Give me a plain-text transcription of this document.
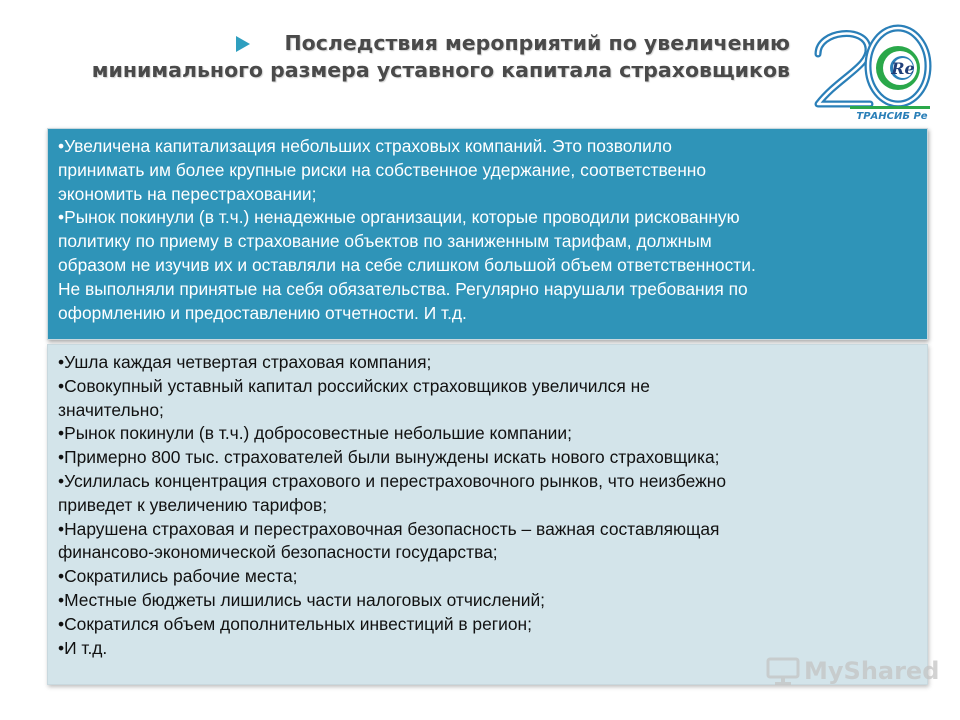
Последствия мероприятий по увеличению
минимального размера уставного капитала страховщиков	Re
ТРАНСИБ Ре

•Увеличена капитализация небольших страховых компаний. Это позволило
принимать им более крупные риски на собственное удержание, соответственно
экономить на перестраховании;

•Рынок покинули (в т.ч.) ненадежные организации, которые проводили рискованную
политику по приему в страхование объектов по заниженным тарифам, должным
образом не изучив их и оставляли на себе слишком большой объем ответственности.
Не выполняли принятые на себя обязательства. Регулярно нарушали требования по
оформлению и предоставлению отчетности. И т.д.

•Ушла каждая четвертая страховая компания;

•Совокупный уставный капитал российских страховщиков увеличился не
значительно;

•Рынок покинули (в т.ч.) добросовестные небольшие компании;

•Примерно 800 тыс. страхователей были вынуждены искать нового страховщика;

•Усилилась концентрация страхового и перестраховочного рынков, что неизбежно
приведет к увеличению тарифов;

•Нарушена страховая и перестраховочная безопасность – важная составляющая
финансово-экономической безопасности государства;

•Сократились рабочие места;

•Местные бюджеты лишились части налоговых отчислений;

•Сократился объем дополнительных инвестиций в регион;

•И т.д.

MyShared
